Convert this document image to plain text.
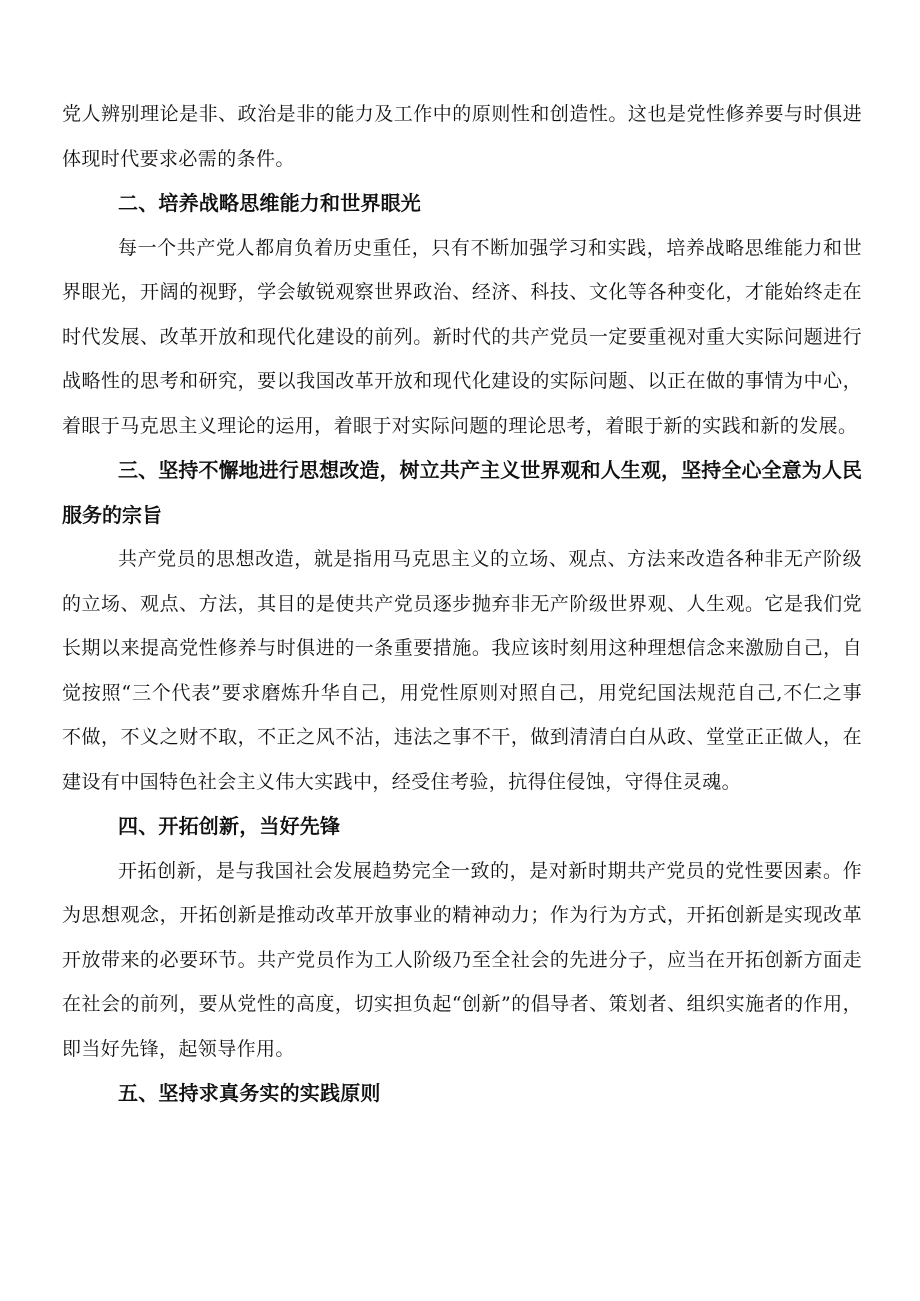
党人辨别理论是非、政治是非的能力及工作中的原则性和创造性。这也是党性修养要与时俱进体现时代要求必需的条件。

二、培养战略思维能力和世界眼光

每一个共产党人都肩负着历史重任，只有不断加强学习和实践，培养战略思维能力和世界眼光，开阔的视野，学会敏锐观察世界政治、经济、科技、文化等各种变化，才能始终走在时代发展、改革开放和现代化建设的前列。新时代的共产党员一定要重视对重大实际问题进行战略性的思考和研究，要以我国改革开放和现代化建设的实际问题、以正在做的事情为中心，着眼于马克思主义理论的运用，着眼于对实际问题的理论思考，着眼于新的实践和新的发展。

三、坚持不懈地进行思想改造，树立共产主义世界观和人生观，坚持全心全意为人民服务的宗旨

共产党员的思想改造，就是指用马克思主义的立场、观点、方法来改造各种非无产阶级的立场、观点、方法，其目的是使共产党员逐步抛弃非无产阶级世界观、人生观。它是我们党长期以来提高党性修养与时俱进的一条重要措施。我应该时刻用这种理想信念来激励自己，自觉按照“三个代表”要求磨炼升华自己，用党性原则对照自己，用党纪国法规范自己,不仁之事不做，不义之财不取，不正之风不沾，违法之事不干，做到清清白白从政、堂堂正正做人，在建设有中国特色社会主义伟大实践中，经受住考验，抗得住侵蚀，守得住灵魂。

四、开拓创新，当好先锋

开拓创新，是与我国社会发展趋势完全一致的，是对新时期共产党员的党性要因素。作为思想观念，开拓创新是推动改革开放事业的精神动力；作为行为方式，开拓创新是实现改革开放带来的必要环节。共产党员作为工人阶级乃至全社会的先进分子，应当在开拓创新方面走在社会的前列，要从党性的高度，切实担负起“创新”的倡导者、策划者、组织实施者的作用，即当好先锋，起领导作用。

五、坚持求真务实的实践原则
